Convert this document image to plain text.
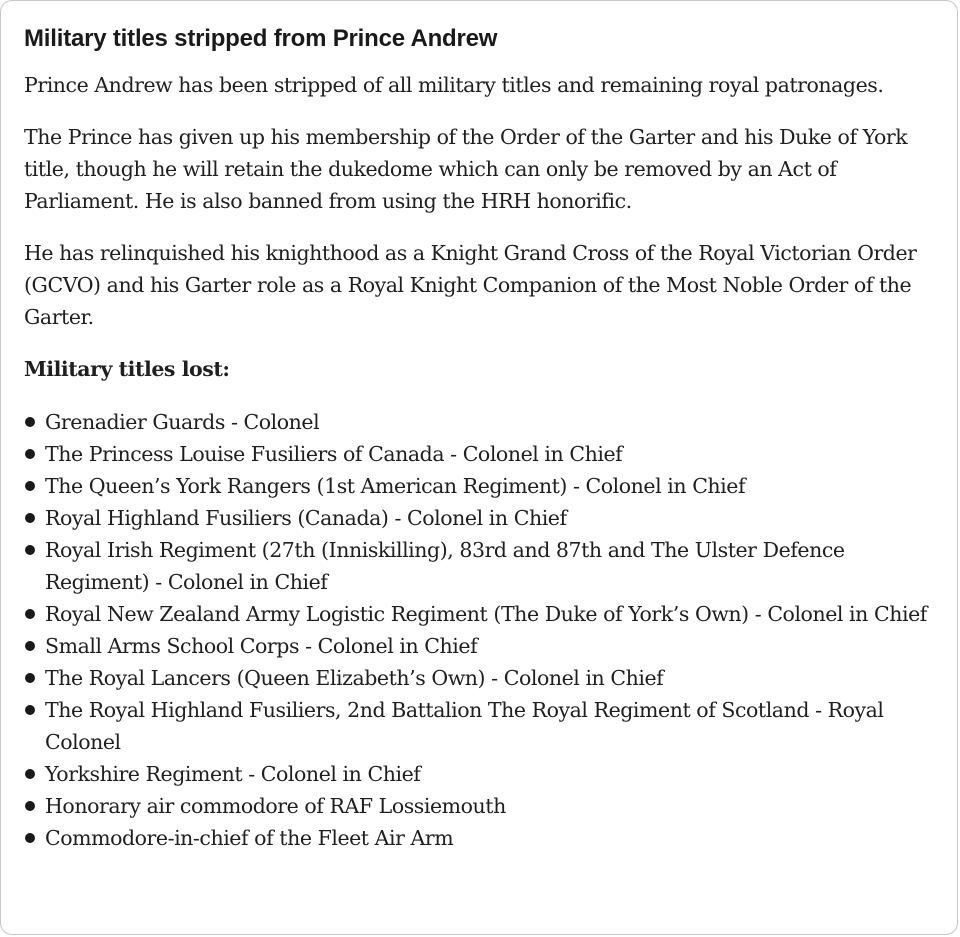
Military titles stripped from Prince Andrew

Prince Andrew has been stripped of all military titles and remaining royal patronages.

The Prince has given up his membership of the Order of the Garter and his Duke of York title, though he will retain the dukedome which can only be removed by an Act of Parliament. He is also banned from using the HRH honorific.

He has relinquished his knighthood as a Knight Grand Cross of the Royal Victorian Order (GCVO) and his Garter role as a Royal Knight Companion of the Most Noble Order of the Garter.

Military titles lost:

Grenadier Guards - Colonel
The Princess Louise Fusiliers of Canada - Colonel in Chief
The Queen’s York Rangers (1st American Regiment) - Colonel in Chief
Royal Highland Fusiliers (Canada) - Colonel in Chief
Royal Irish Regiment (27th (Inniskilling), 83rd and 87th and The Ulster Defence Regiment) - Colonel in Chief
Royal New Zealand Army Logistic Regiment (The Duke of York’s Own) - Colonel in Chief
Small Arms School Corps - Colonel in Chief
The Royal Lancers (Queen Elizabeth’s Own) - Colonel in Chief
The Royal Highland Fusiliers, 2nd Battalion The Royal Regiment of Scotland - Royal Colonel
Yorkshire Regiment - Colonel in Chief
Honorary air commodore of RAF Lossiemouth
Commodore-in-chief of the Fleet Air Arm
